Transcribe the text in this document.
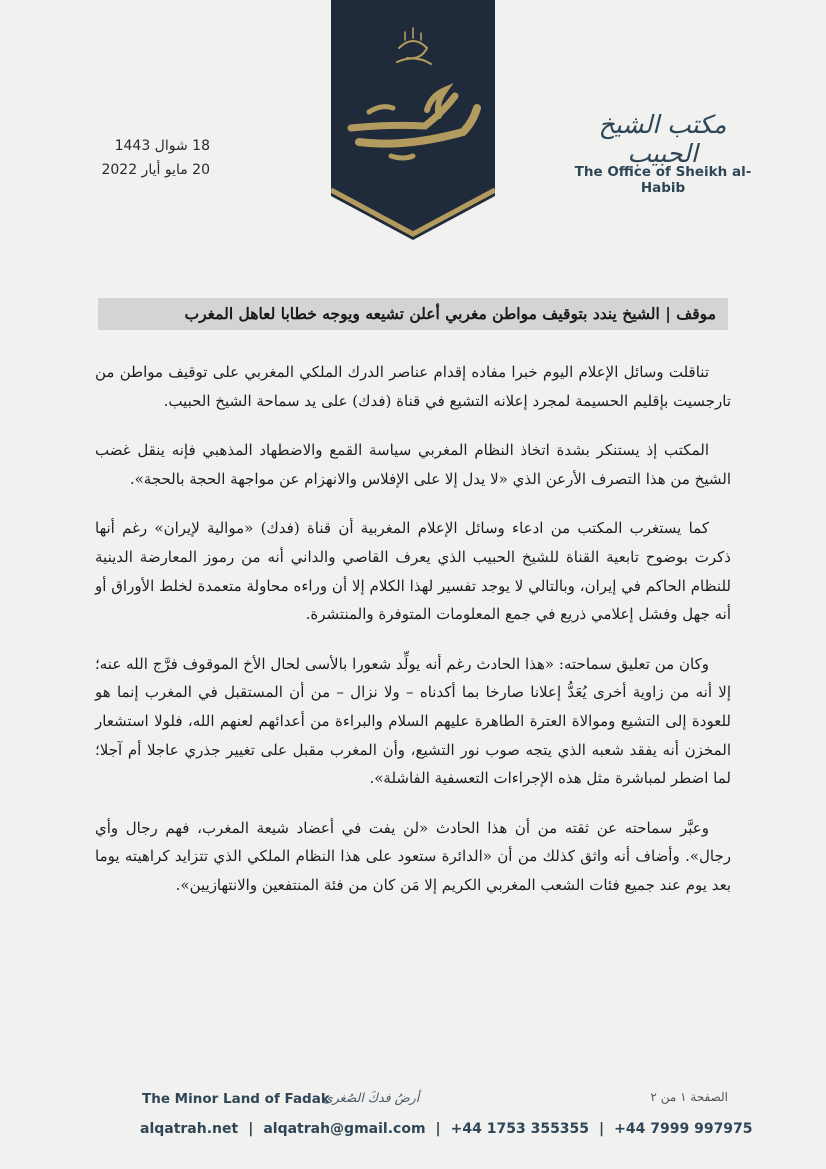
18 شوال 1443
20 مايو أيار 2022
مكتب الشيخ الحبيب
The Office of Sheikh al-Habib
موقف | الشيخ يندد بتوقيف مواطن مغربي أعلن تشيعه ويوجه خطابا لعاهل المغرب

تناقلت وسائل الإعلام اليوم خبرا مفاده إقدام عناصر الدرك الملكي المغربي على توقيف مواطن من تارجسيت بإقليم الحسيمة لمجرد إعلانه التشيع في قناة (فدك) على يد سماحة الشيخ الحبيب.

المكتب إذ يستنكر بشدة اتخاذ النظام المغربي سياسة القمع والاضطهاد المذهبي فإنه ينقل غضب الشيخ من هذا التصرف الأرعن الذي «لا يدل إلا على الإفلاس والانهزام عن مواجهة الحجة بالحجة».

كما يستغرب المكتب من ادعاء وسائل الإعلام المغربية أن قناة (فدك) «موالية لإيران» رغم أنها ذكرت بوضوح تابعية القناة للشيخ الحبيب الذي يعرف القاصي والداني أنه من رموز المعارضة الدينية للنظام الحاكم في إيران، وبالتالي لا يوجد تفسير لهذا الكلام إلا أن وراءه محاولة متعمدة لخلط الأوراق أو أنه جهل وفشل إعلامي ذريع في جمع المعلومات المتوفرة والمنتشرة.

وكان من تعليق سماحته: «هذا الحادث رغم أنه يولِّد شعورا بالأسى لحال الأخ الموقوف فرَّج الله عنه؛ إلا أنه من زاوية أخرى يُعَدُّ إعلانا صارخا بما أكدناه – ولا نزال – من أن المستقبل في المغرب إنما هو للعودة إلى التشيع وموالاة العترة الطاهرة عليهم السلام والبراءة من أعدائهم لعنهم الله، فلولا استشعار المخزن أنه يفقد شعبه الذي يتجه صوب نور التشيع، وأن المغرب مقبل على تغيير جذري عاجلا أم آجلا؛ لما اضطر لمباشرة مثل هذه الإجراءات التعسفية الفاشلة».

وعبَّر سماحته عن ثقته من أن هذا الحادث «لن يفت في أعضاد شيعة المغرب، فهم رجال وأي رجال». وأضاف أنه واثق كذلك من أن «الدائرة ستعود على هذا النظام الملكي الذي تتزايد كراهيته يوما بعد يوم عند جميع فئات الشعب المغربي الكريم إلا مَن كان من فئة المنتفعين والانتهازيين».

The Minor Land of Fadak
أرضُ فدكَ الصُغرى	الصفحة ١ من ٢
alqatrah.net | alqatrah@gmail.com | +44 1753 355355 | +44 7999 997975
